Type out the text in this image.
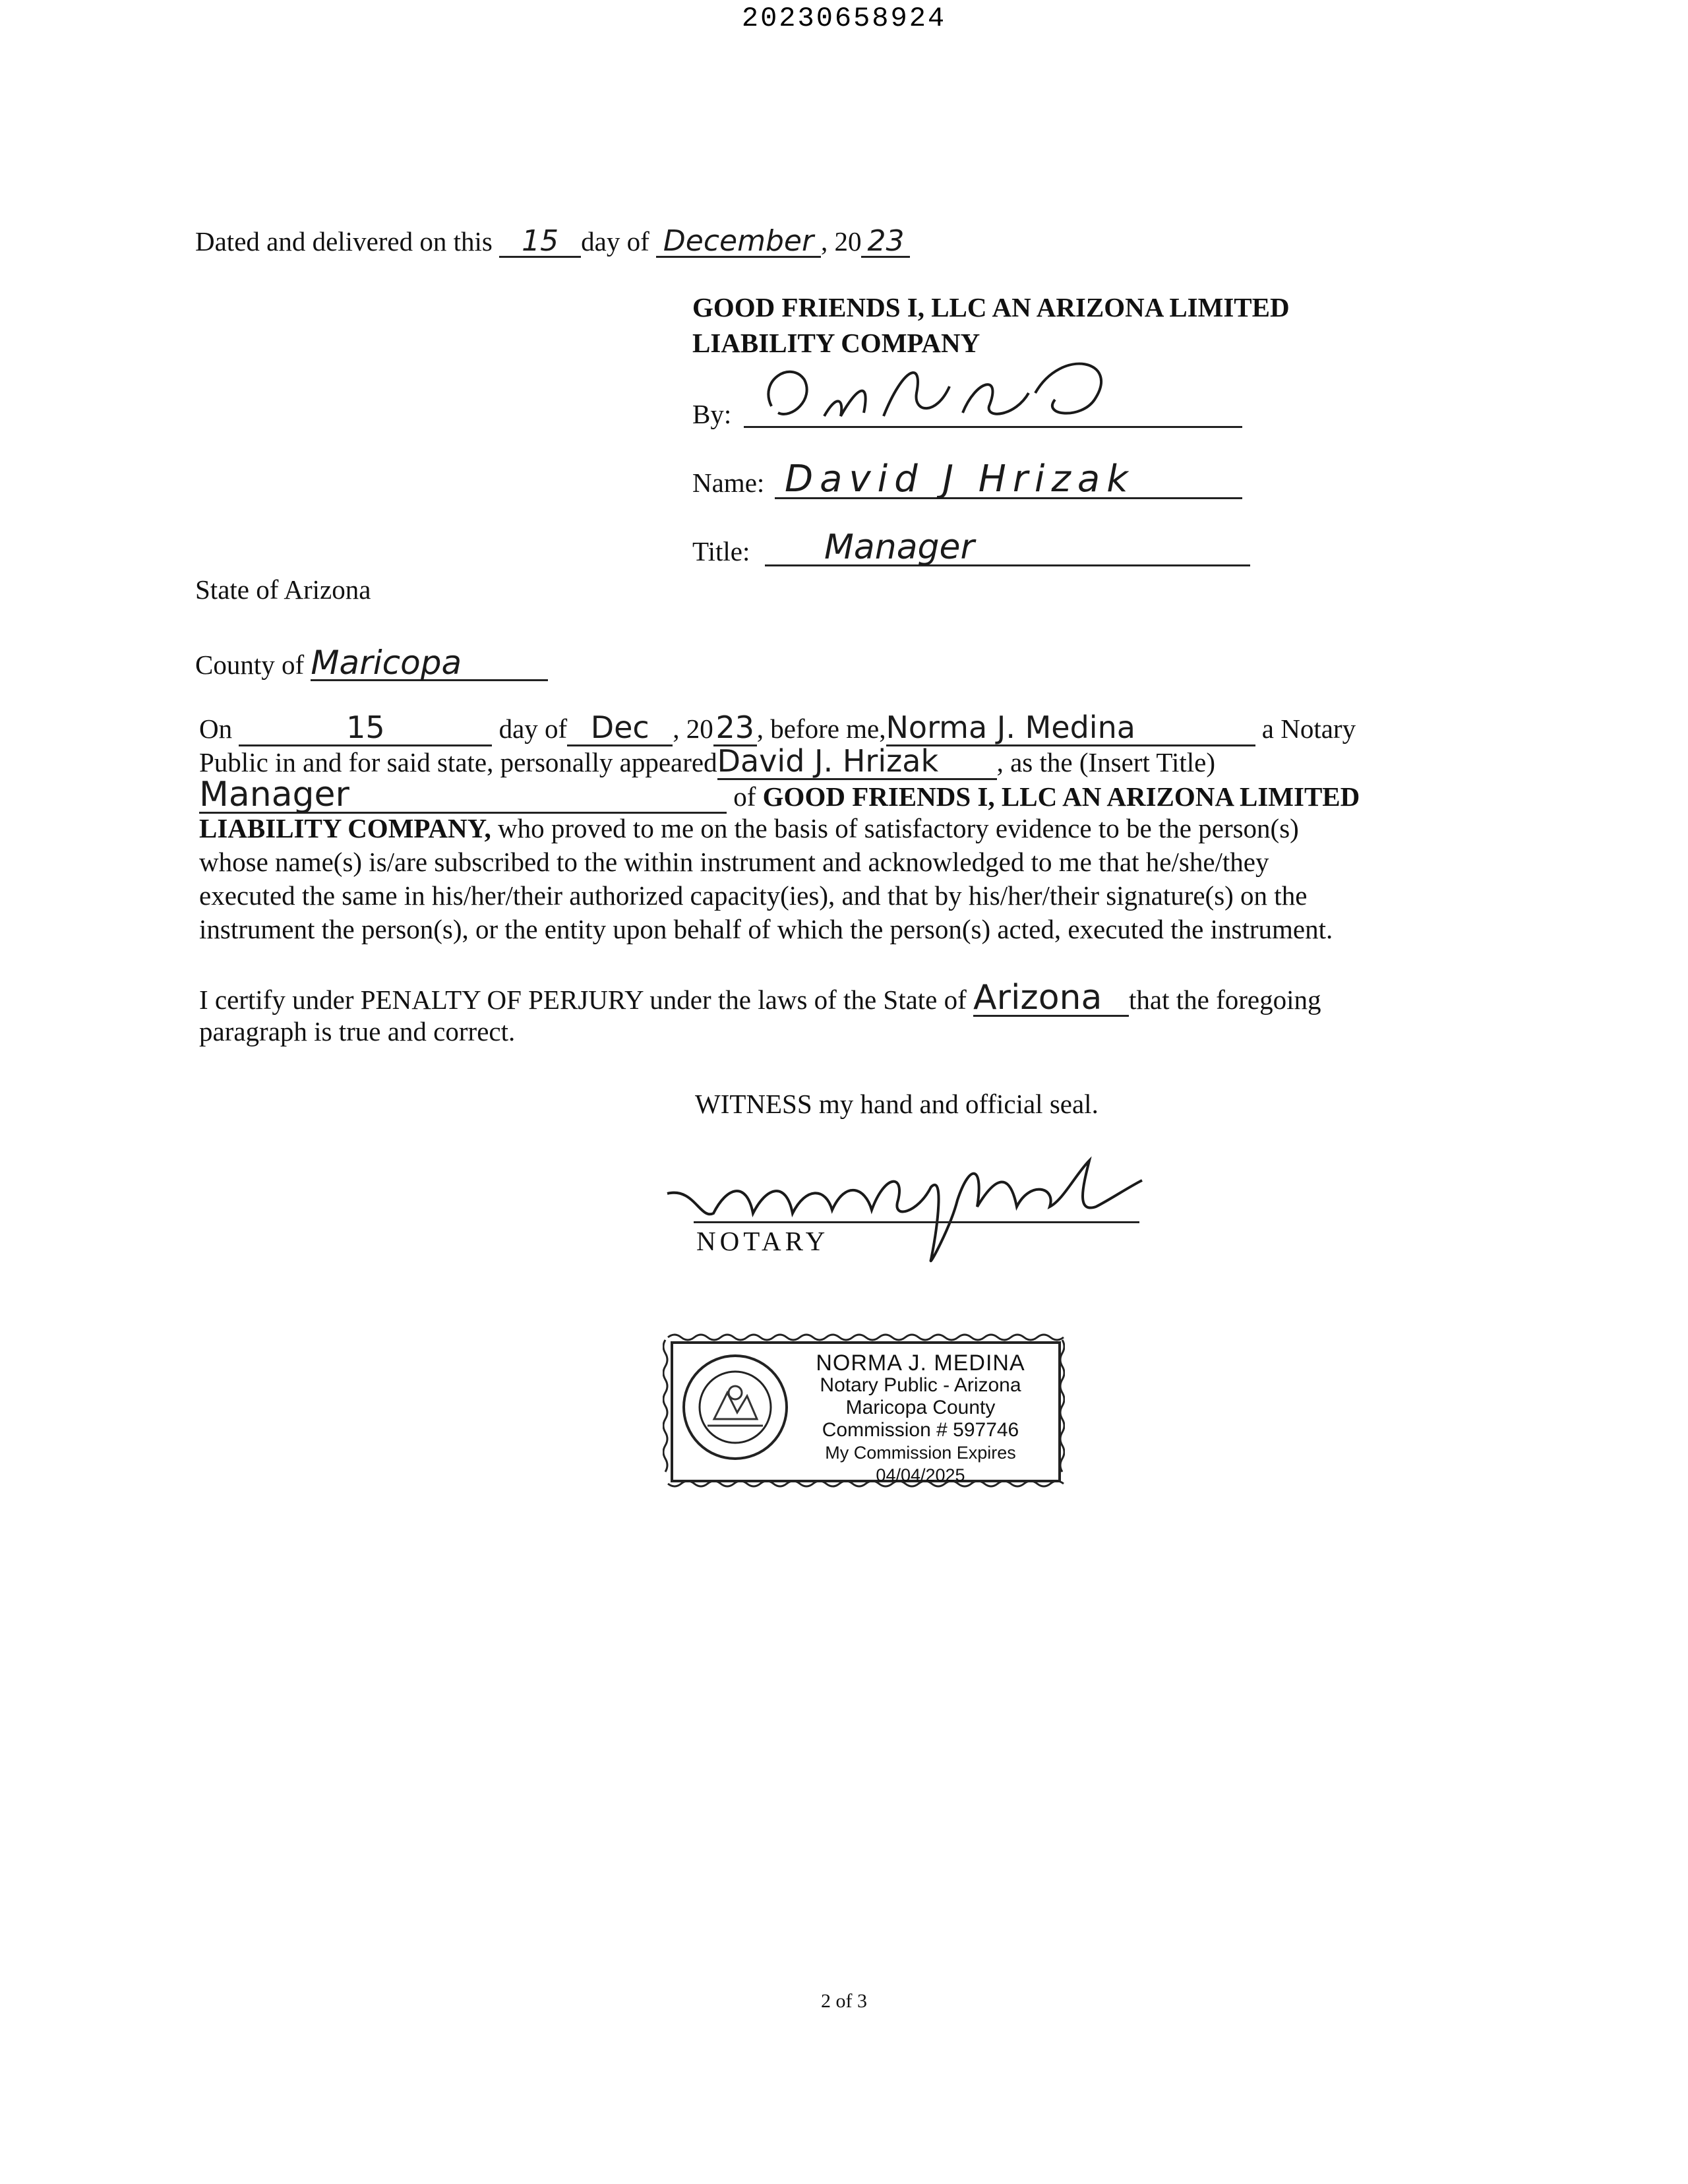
20230658924
Dated and delivered on this 15 day of December , 20 23
GOOD FRIENDS I, LLC AN ARIZONA LIMITED
LIABILITY COMPANY
By:
Name: David J Hrizak
Title: Manager
State of Arizona
County of Maricopa
On	15	day of Dec , 2023, before me,Norma J. Medina	a Notary
Public in and for said state, personally appearedDavid J. Hrizak , as the (Insert Title)
Manager	of GOOD FRIENDS I, LLC AN ARIZONA LIMITED
LIABILITY COMPANY, who proved to me on the basis of satisfactory evidence to be the person(s)
whose name(s) is/are subscribed to the within instrument and acknowledged to me that he/she/they
executed the same in his/her/their authorized capacity(ies), and that by his/her/their signature(s) on the
instrument the person(s), or the entity upon behalf of which the person(s) acted, executed the instrument.
I certify under PENALTY OF PERJURY under the laws of the State of Arizona that the foregoing
paragraph is true and correct.
WITNESS my hand and official seal.
NOTARY
NORMA J. MEDINA
Notary Public - Arizona
Maricopa County
Commission # 597746
My Commission Expires 04/04/2025
2 of 3
